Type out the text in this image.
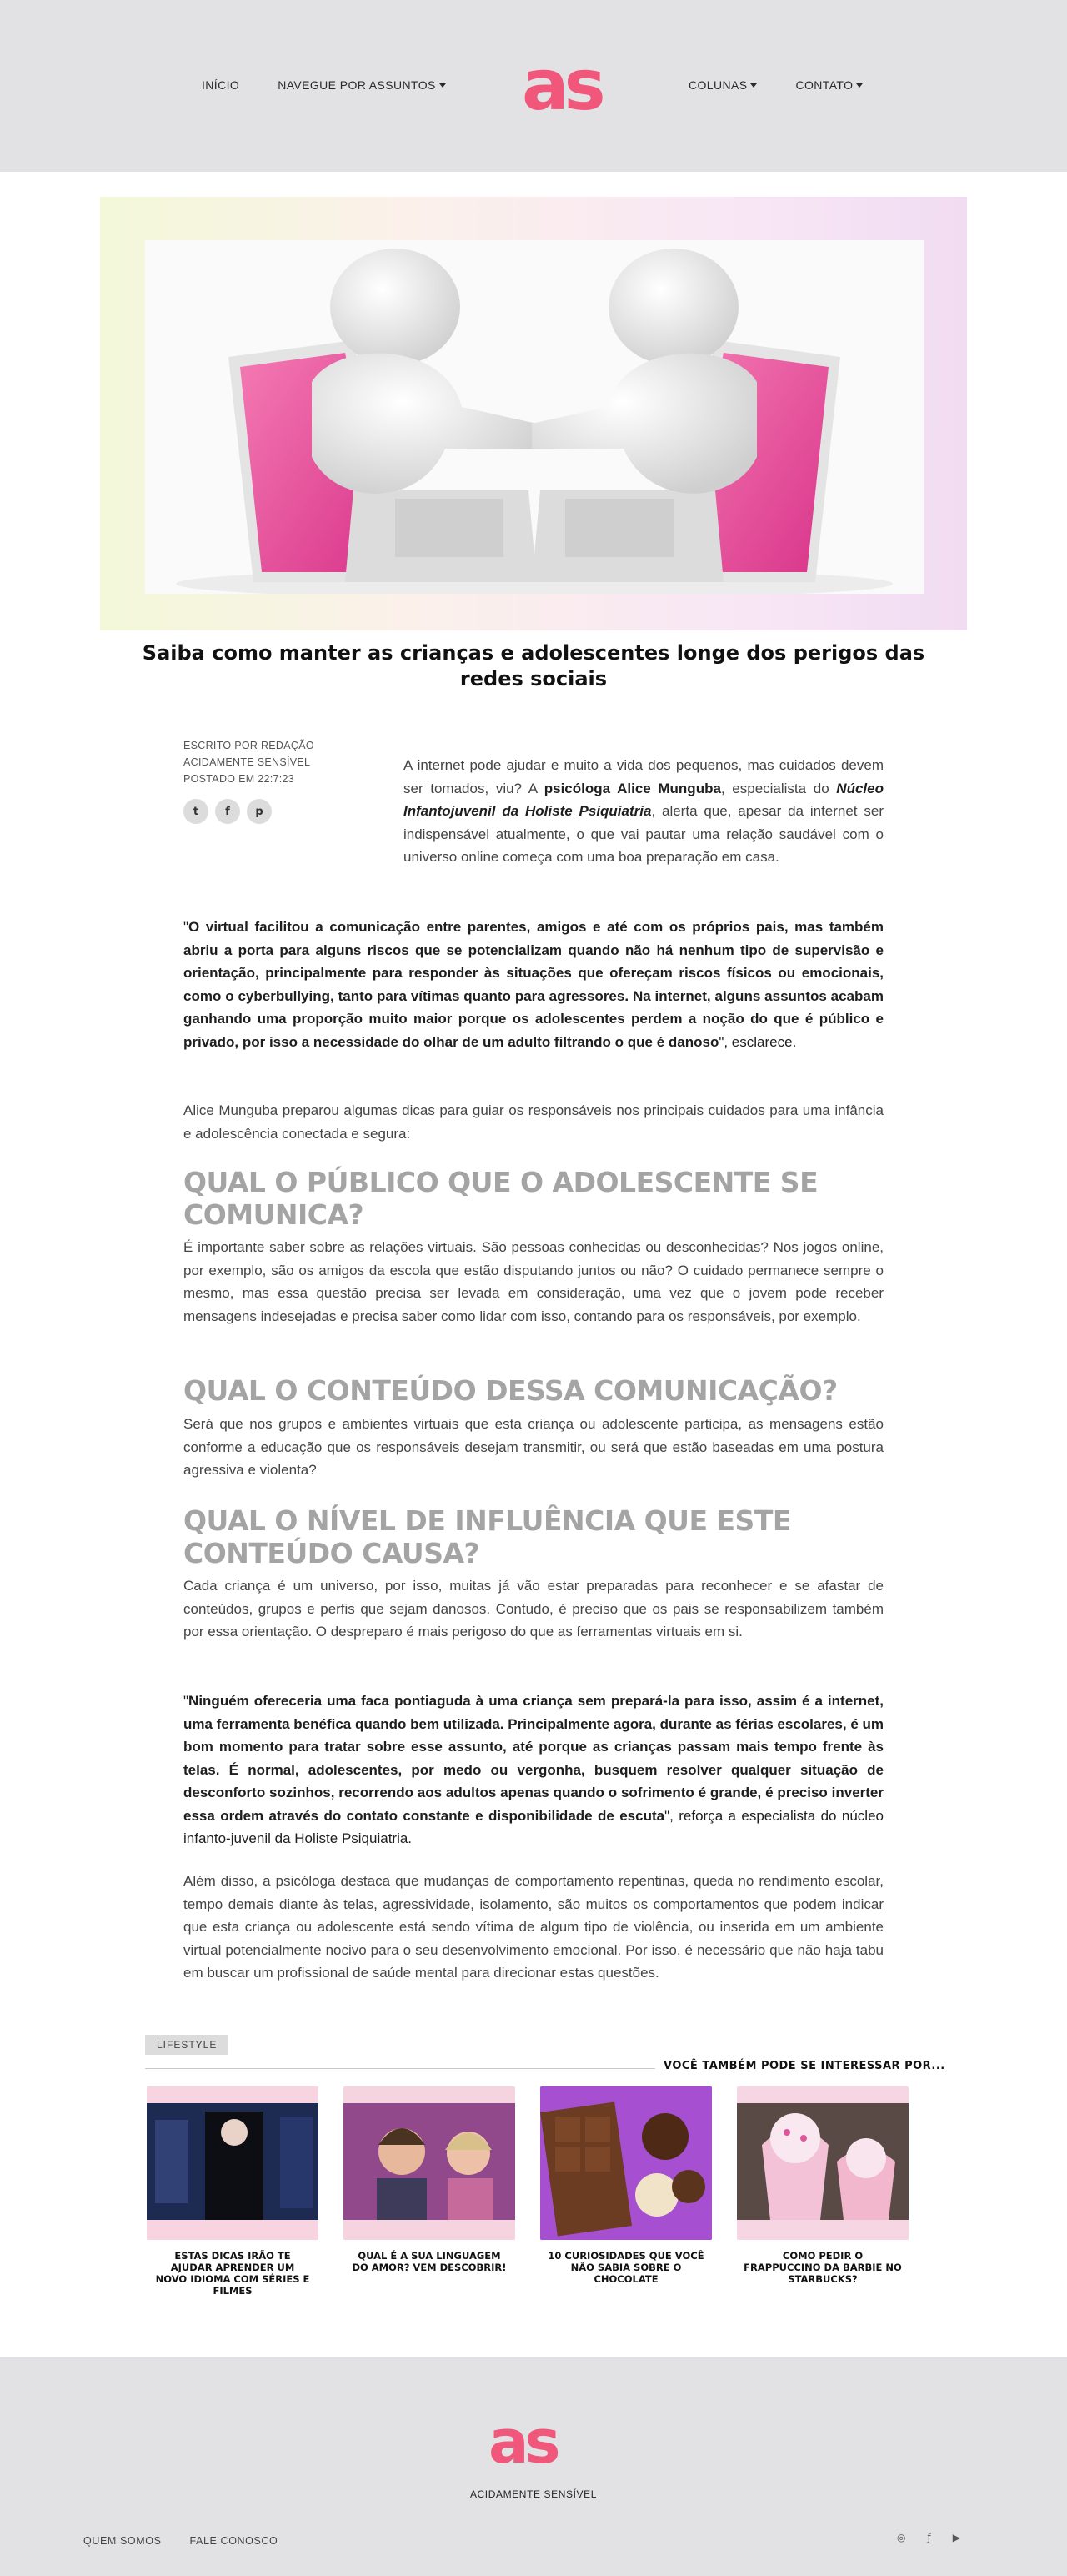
INÍCIO	NAVEGUE POR ASSUNTOS as	COLUNAS	CONTATO
Saiba como manter as crianças e adolescentes longe dos perigos das redes sociais
ESCRITO POR REDAÇÃO
ACIDAMENTE SENSÍVEL
POSTADO EM 22:7:23
t f p

A internet pode ajudar e muito a vida dos pequenos, mas cuidados devem ser tomados, viu? A psicóloga Alice Munguba, especialista do Núcleo Infantojuvenil da Holiste Psiquiatria, alerta que, apesar da internet ser indispensável atualmente, o que vai pautar uma relação saudável com o universo online começa com uma boa preparação em casa.

"O virtual facilitou a comunicação entre parentes, amigos e até com os próprios pais, mas também abriu a porta para alguns riscos que se potencializam quando não há nenhum tipo de supervisão e orientação, principalmente para responder às situações que ofereçam riscos físicos ou emocionais, como o cyberbullying, tanto para vítimas quanto para agressores. Na internet, alguns assuntos acabam ganhando uma proporção muito maior porque os adolescentes perdem a noção do que é público e privado, por isso a necessidade do olhar de um adulto filtrando o que é danoso", esclarece.

Alice Munguba preparou algumas dicas para guiar os responsáveis nos principais cuidados para uma infância e adolescência conectada e segura:

QUAL O PÚBLICO QUE O ADOLESCENTE SE COMUNICA?

É importante saber sobre as relações virtuais. São pessoas conhecidas ou desconhecidas? Nos jogos online, por exemplo, são os amigos da escola que estão disputando juntos ou não? O cuidado permanece sempre o mesmo, mas essa questão precisa ser levada em consideração, uma vez que o jovem pode receber mensagens indesejadas e precisa saber como lidar com isso, contando para os responsáveis, por exemplo.

QUAL O CONTEÚDO DESSA COMUNICAÇÃO?

Será que nos grupos e ambientes virtuais que esta criança ou adolescente participa, as mensagens estão conforme a educação que os responsáveis desejam transmitir, ou será que estão baseadas em uma postura agressiva e violenta?

QUAL O NÍVEL DE INFLUÊNCIA QUE ESTE CONTEÚDO CAUSA?

Cada criança é um universo, por isso, muitas já vão estar preparadas para reconhecer e se afastar de conteúdos, grupos e perfis que sejam danosos. Contudo, é preciso que os pais se responsabilizem também por essa orientação. O despreparo é mais perigoso do que as ferramentas virtuais em si.

"Ninguém ofereceria uma faca pontiaguda à uma criança sem prepará-la para isso, assim é a internet, uma ferramenta benéfica quando bem utilizada. Principalmente agora, durante as férias escolares, é um bom momento para tratar sobre esse assunto, até porque as crianças passam mais tempo frente às telas. É normal, adolescentes, por medo ou vergonha, busquem resolver qualquer situação de desconforto sozinhos, recorrendo aos adultos apenas quando o sofrimento é grande, é preciso inverter essa ordem através do contato constante e disponibilidade de escuta", reforça a especialista do núcleo infanto-juvenil da Holiste Psiquiatria.

Além disso, a psicóloga destaca que mudanças de comportamento repentinas, queda no rendimento escolar, tempo demais diante às telas, agressividade, isolamento, são muitos os comportamentos que podem indicar que esta criança ou adolescente está sendo vítima de algum tipo de violência, ou inserida em um ambiente virtual potencialmente nocivo para o seu desenvolvimento emocional. Por isso, é necessário que não haja tabu em buscar um profissional de saúde mental para direcionar estas questões.

LIFESTYLE
VOCÊ TAMBÉM PODE SE INTERESSAR POR...
ESTAS DICAS IRÃO TE AJUDAR APRENDER UM NOVO IDIOMA COM SÉRIES E FILMES
QUAL É A SUA LINGUAGEM DO AMOR? VEM DESCOBRIR!
10 CURIOSIDADES QUE VOCÊ NÃO SABIA SOBRE O CHOCOLATE
COMO PEDIR O FRAPPUCCINO DA BARBIE NO STARBUCKS?
as
ACIDAMENTE SENSÍVEL
QUEM SOMOS	FALE CONOSCO	◎ ƒ ▶
